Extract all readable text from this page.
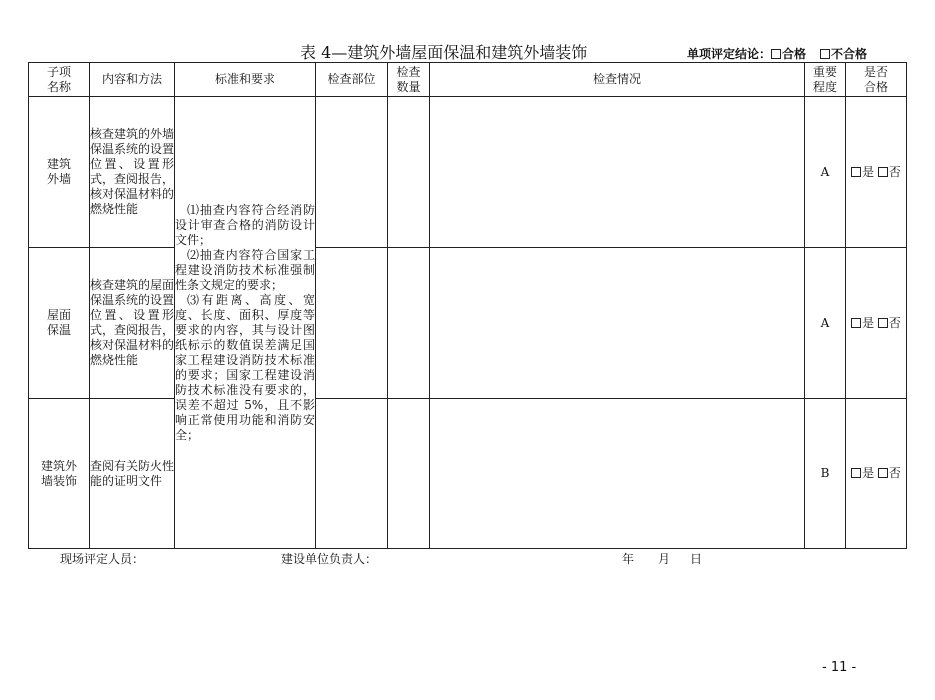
表 4—建筑外墙屋面保温和建筑外墙装饰	单项评定结论： 合格 不合格
子项名称	内容和方法	标准和要求	检查部位	检查数量	检查情况	重要程度	是否合格

建筑外墙	核查建筑的外墙保温系统的设置位置、设置形式，查阅报告，核对保温材料的燃烧性能	⑴抽查内容符合经消防设计审查合格的消防设计文件；

⑵抽查内容符合国家工程建设消防技术标准强制性条文规定的要求；

⑶有距离、高度、宽度、长度、面积、厚度等要求的内容，其与设计图纸标示的数值误差满足国家工程建设消防技术标准的要求；国家工程建设消防技术标准没有要求的，误差不超过 5%，且不影响正常使用功能和消防安全；				A	是 否

屋面保温	核查建筑的屋面保温系统的设置位置、设置形式，查阅报告，核对保温材料的燃烧性能					A	是 否

建筑外墙装饰	查阅有关防火性能的证明文件					B	是 否
现场评定人员：	建设单位负责人：	年 月 日
- 11 -
